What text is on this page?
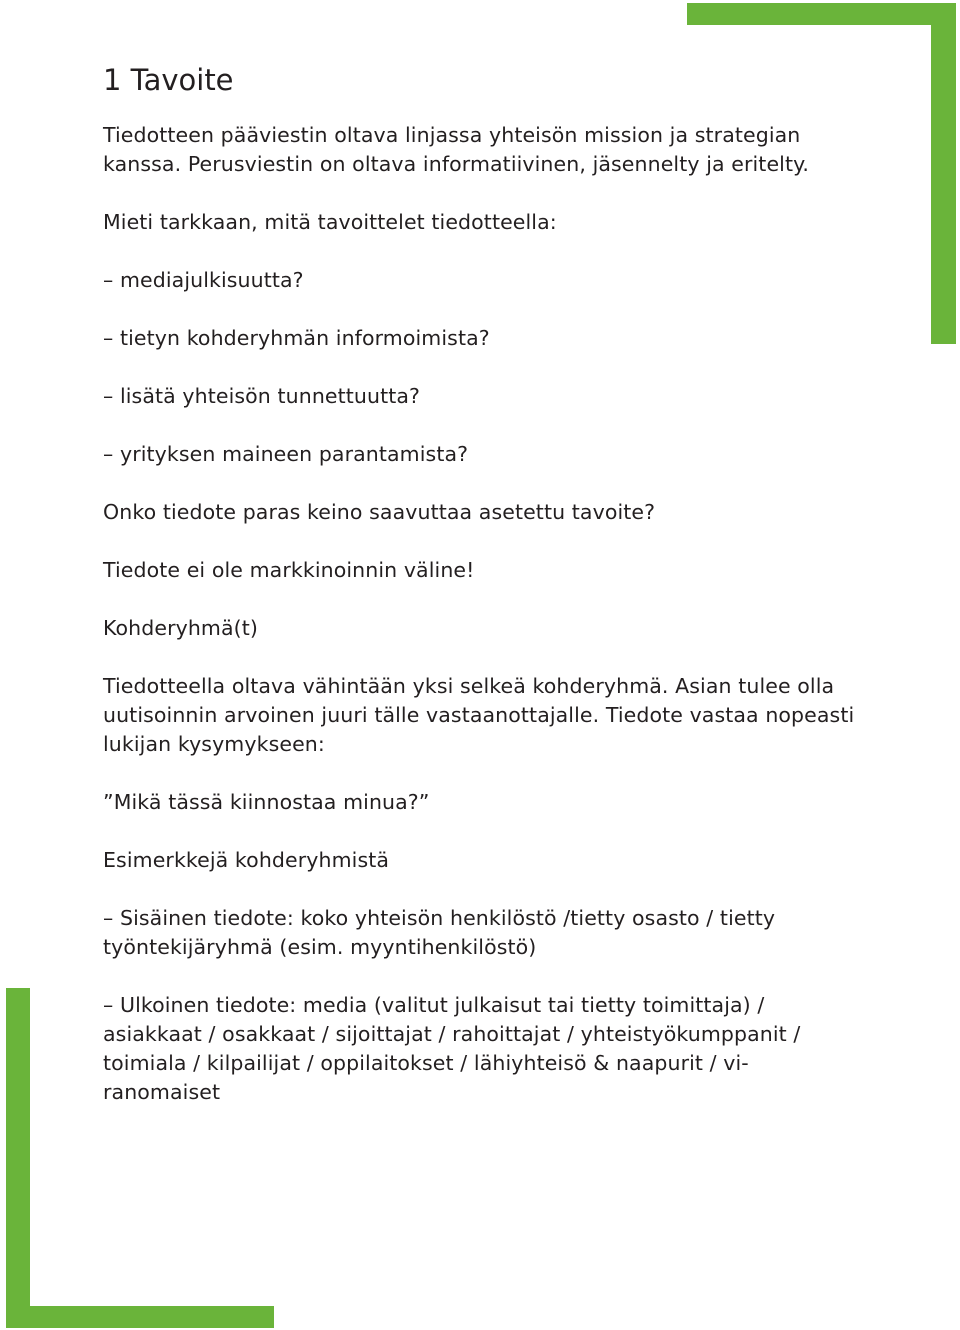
1 Tavoite

Tiedotteen pääviestin oltava linjassa yhteisön mission ja strategian kanssa. Perusviestin on oltava informatiivinen, jäsennelty ja eritelty.

Mieti tarkkaan, mitä tavoittelet tiedotteella:

– mediajulkisuutta?

– tietyn kohderyhmän informoimista?

– lisätä yhteisön tunnettuutta?

– yrityksen maineen parantamista?

Onko tiedote paras keino saavuttaa asetettu tavoite?

Tiedote ei ole markkinoinnin väline!

Kohderyhmä(t)

Tiedotteella oltava vähintään yksi selkeä kohderyhmä. Asian tulee olla uutisoinnin arvoinen juuri tälle vastaanottajalle. Tiedote vastaa nopeasti lukijan kysymykseen:

”Mikä tässä kiinnostaa minua?”

Esimerkkejä kohderyhmistä

– Sisäinen tiedote: koko yhteisön henkilöstö /tietty osasto / tietty työntekijäryhmä (esim. myyntihenkilöstö)

– Ulkoinen tiedote: media (valitut julkaisut tai tietty toimittaja) / asiakkaat / osakkaat / sijoittajat / rahoittajat / yhteistyökumppanit / toimiala / kilpailijat / oppilaitokset / lähiyhteisö & naapurit / vi- ranomaiset
